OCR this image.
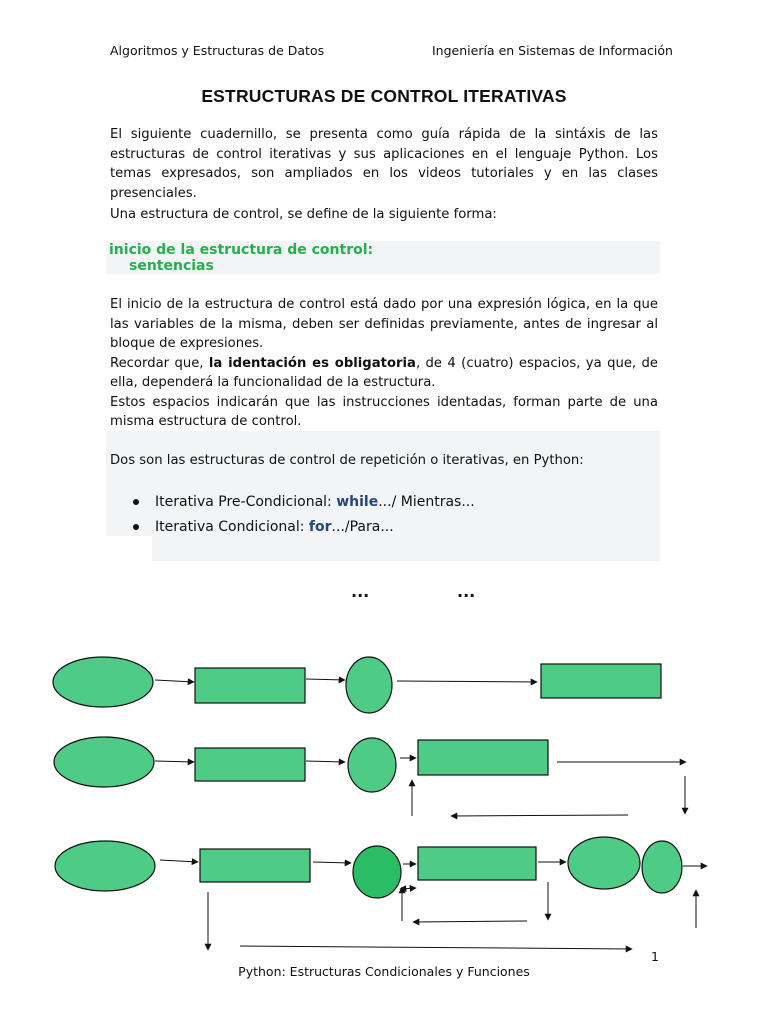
Algoritmos y Estructuras de Datos	Ingeniería en Sistemas de Información
ESTRUCTURAS DE CONTROL ITERATIVAS
El siguiente cuadernillo, se presenta como guía rápida de la sintáxis de las estructuras de control iterativas y sus aplicaciones en el lenguaje Python. Los temas expresados, son ampliados en los videos tutoriales y en las clases presenciales.
Una estructura de control, se define de la siguiente forma:
inicio de la estructura de control:
sentencias
El inicio de la estructura de control está dado por una expresión lógica, en la que las variables de la misma, deben ser definidas previamente, antes de ingresar al bloque de expresiones.
Recordar que, la identación es obligatoria, de 4 (cuatro) espacios, ya que, de ella, dependerá la funcionalidad de la estructura.
Estos espacios indicarán que las instrucciones identadas, forman parte de una misma estructura de control.
Dos son las estructuras de control de repetición o iterativas, en Python:
Iterativa Pre-Condicional: while.../ Mientras...
Iterativa Condicional: for.../Para...
...	...
1
Python: Estructuras Condicionales y Funciones
